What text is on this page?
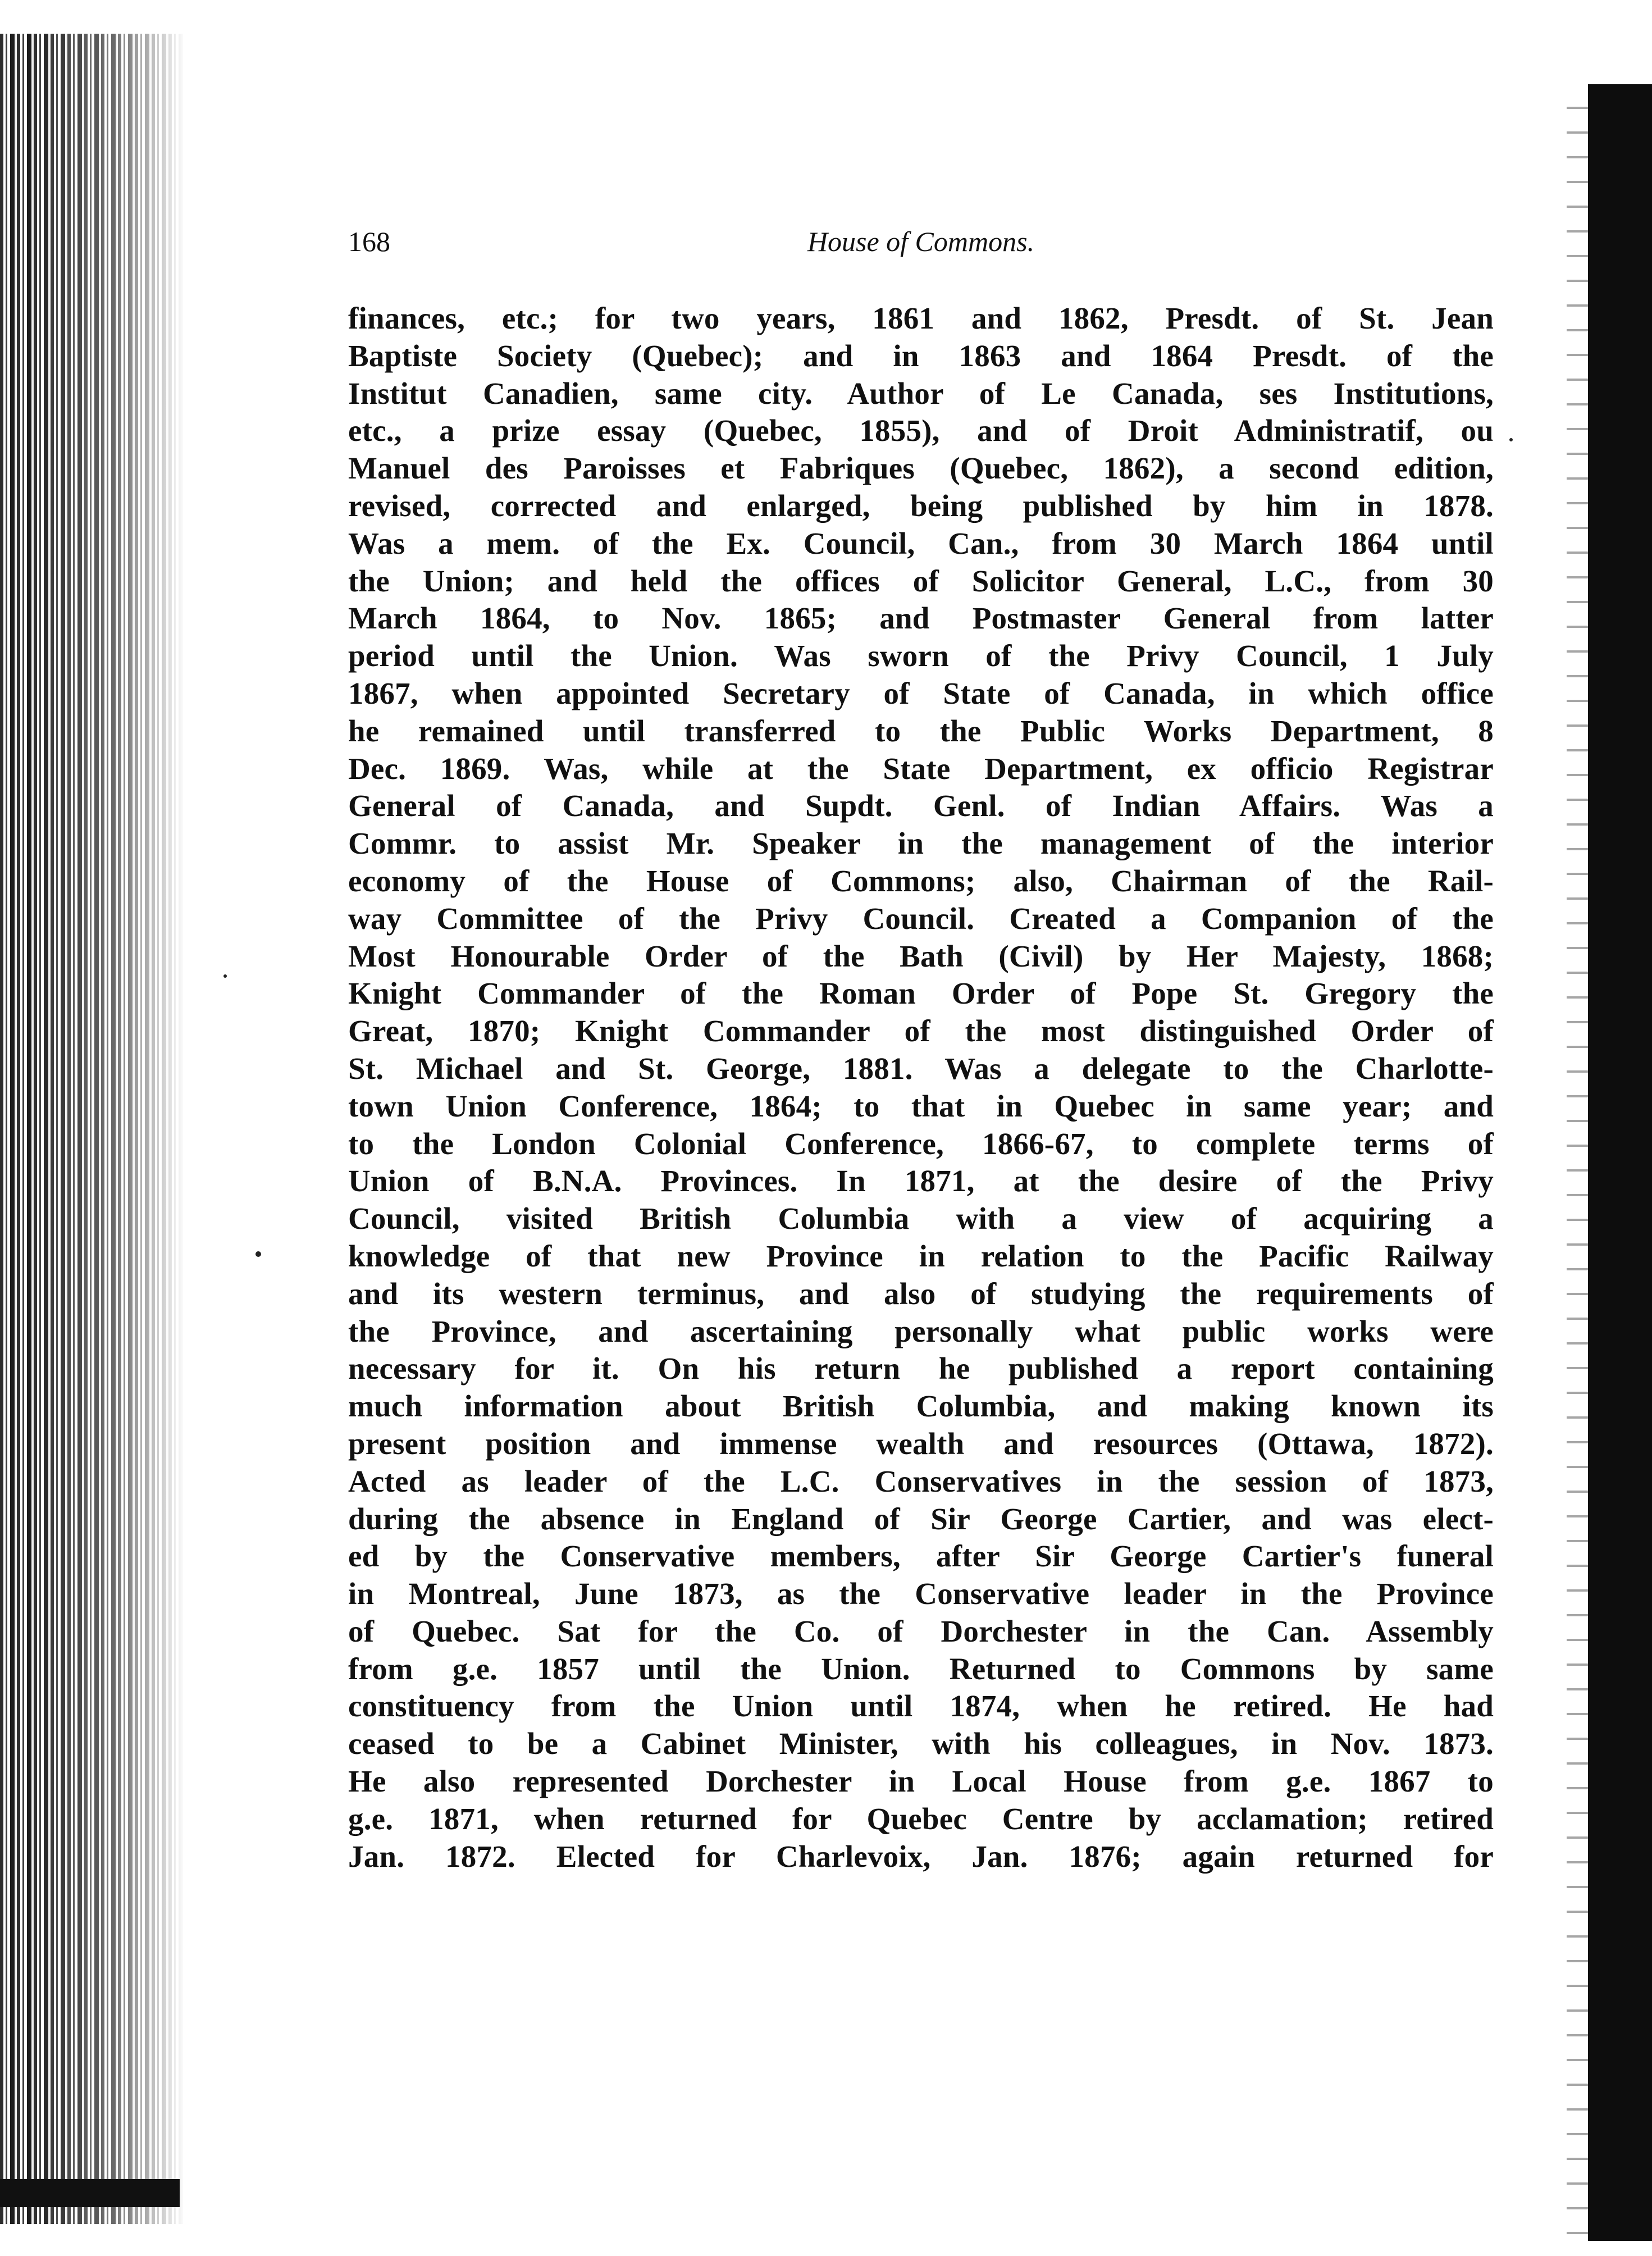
168	House of Commons.
finances, etc.; for two years, 1861 and 1862, Presdt. of St. Jean
Baptiste Society (Quebec); and in 1863 and 1864 Presdt. of the
Institut Canadien, same city. Author of Le Canada, ses Institutions,
etc., a prize essay (Quebec, 1855), and of Droit Administratif, ou
Manuel des Paroisses et Fabriques (Quebec, 1862), a second edition,
revised, corrected and enlarged, being published by him in 1878.
Was a mem. of the Ex. Council, Can., from 30 March 1864 until
the Union; and held the offices of Solicitor General, L.C., from 30
March 1864, to Nov. 1865; and Postmaster General from latter
period until the Union. Was sworn of the Privy Council, 1 July
1867, when appointed Secretary of State of Canada, in which office
he remained until transferred to the Public Works Department, 8
Dec. 1869. Was, while at the State Department, ex officio Registrar
General of Canada, and Supdt. Genl. of Indian Affairs. Was a
Commr. to assist Mr. Speaker in the management of the interior
economy of the House of Commons; also, Chairman of the Rail-
way Committee of the Privy Council. Created a Companion of the
Most Honourable Order of the Bath (Civil) by Her Majesty, 1868;
Knight Commander of the Roman Order of Pope St. Gregory the
Great, 1870; Knight Commander of the most distinguished Order of
St. Michael and St. George, 1881. Was a delegate to the Charlotte-
town Union Conference, 1864; to that in Quebec in same year; and
to the London Colonial Conference, 1866-67, to complete terms of
Union of B.N.A. Provinces. In 1871, at the desire of the Privy
Council, visited British Columbia with a view of acquiring a
knowledge of that new Province in relation to the Pacific Railway
and its western terminus, and also of studying the requirements of
the Province, and ascertaining personally what public works were
necessary for it. On his return he published a report containing
much information about British Columbia, and making known its
present position and immense wealth and resources (Ottawa, 1872).
Acted as leader of the L.C. Conservatives in the session of 1873,
during the absence in England of Sir George Cartier, and was elect-
ed by the Conservative members, after Sir George Cartier's funeral
in Montreal, June 1873, as the Conservative leader in the Province
of Quebec. Sat for the Co. of Dorchester in the Can. Assembly
from g.e. 1857 until the Union. Returned to Commons by same
constituency from the Union until 1874, when he retired. He had
ceased to be a Cabinet Minister, with his colleagues, in Nov. 1873.
He also represented Dorchester in Local House from g.e. 1867 to
g.e. 1871, when returned for Quebec Centre by acclamation; retired
Jan. 1872. Elected for Charlevoix, Jan. 1876; again returned for
